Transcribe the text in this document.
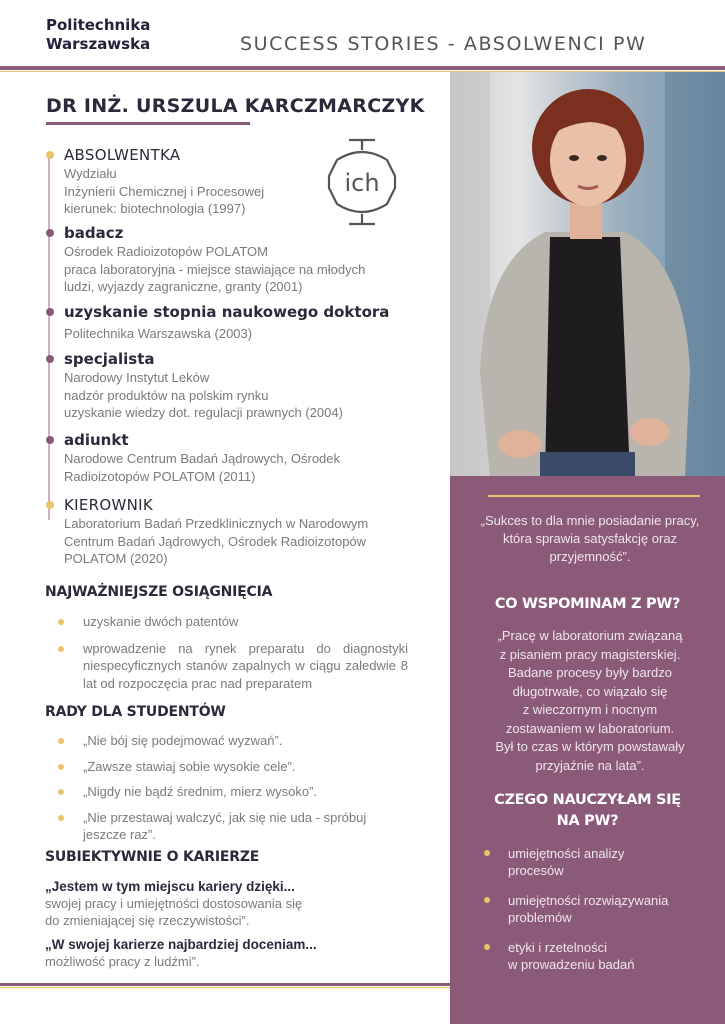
Politechnika
Warszawska	SUCCESS STORIES - ABSOLWENCI PW
„Sukces to dla mnie posiadanie pracy, która sprawia satysfakcję oraz przyjemność”.
CO WSPOMINAM Z PW?
„Pracę w laboratorium związaną
z pisaniem pracy magisterskiej.
Badane procesy były bardzo
długotrwałe, co wiązało się
z wieczornym i nocnym
zostawaniem w laboratorium.
Był to czas w którym powstawały
przyjaźnie na lata”.
CZEGO NAUCZYŁAM SIĘ
NA PW?
umiejętności analizy
procesów
umiejętności rozwiązywania
problemów
etyki i rzetelności
w prowadzeniu badań
DR INŻ. URSZULA KARCZMARCZYK
ich
ABSOLWENTKA
Wydziału
Inżynierii Chemicznej i Procesowej
kierunek: biotechnologia (1997)
badacz
Ośrodek Radioizotopów POLATOM
praca laboratoryjna - miejsce stawiające na młodych
ludzi, wyjazdy zagraniczne, granty (2001)
uzyskanie stopnia naukowego doktora
Politechnika Warszawska (2003)
specjalista
Narodowy Instytut Leków
nadzór produktów na polskim rynku
uzyskanie wiedzy dot. regulacji prawnych (2004)
adiunkt
Narodowe Centrum Badań Jądrowych, Ośrodek
Radioizotopów POLATOM (2011)
KIEROWNIK
Laboratorium Badań Przedklinicznych w Narodowym
Centrum Badań Jądrowych, Ośrodek Radioizotopów
POLATOM (2020)
NAJWAŻNIEJSZE OSIĄGNIĘCIA
uzyskanie dwóch patentów
wprowadzenie na rynek preparatu do diagnostyki niespecyficznych stanów zapalnych w ciągu zaledwie 8 lat od rozpoczęcia prac nad preparatem
RADY DLA STUDENTÓW
„Nie bój się podejmować wyzwań”.
„Zawsze stawiaj sobie wysokie cele”.
„Nigdy nie bądź średnim, mierz wysoko”.
„Nie przestawaj walczyć, jak się nie uda - spróbuj jeszcze raz”.
SUBIEKTYWNIE O KARIERZE
„Jestem w tym miejscu kariery dzięki...
swojej pracy i umiejętności dostosowania się
do zmieniającej się rzeczywistości”.
„W swojej karierze najbardziej doceniam...
możliwość pracy z ludźmi”.
